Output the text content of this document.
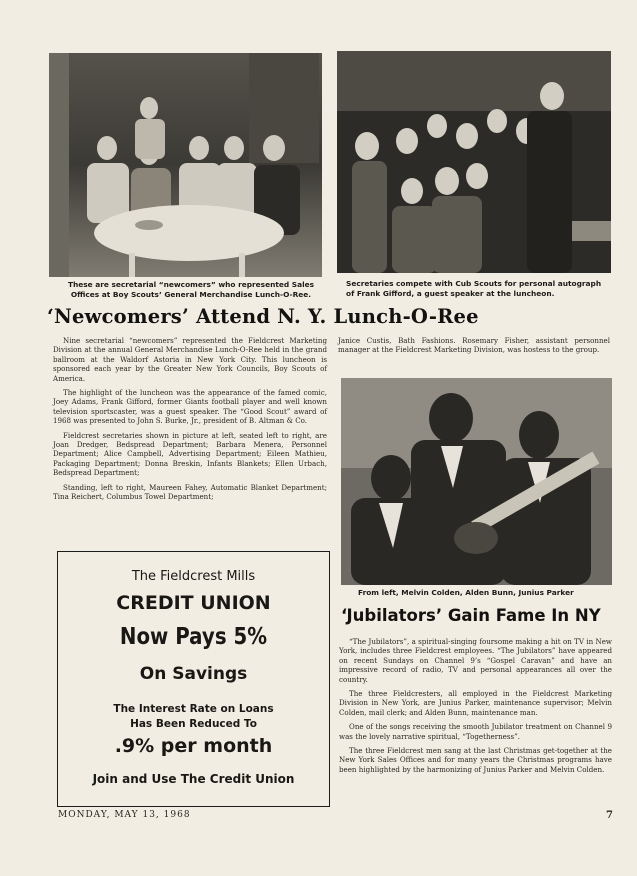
These are secretarial “newcomers” who represented Sales Offices at Boy Scouts’ General Merchandise Lunch-O-Ree.
Secretaries compete with Cub Scouts for personal autograph of Frank Gifford, a guest speaker at the luncheon.
‘Newcomers’ Attend N. Y. Lunch-O-Ree

Nine secretarial “newcomers” represented the Fieldcrest Marketing Division at the annual General Merchandise Lunch-O-Ree held in the grand ballroom at the Waldorf Astoria in New York City. This luncheon is sponsored each year by the Greater New York Councils, Boy Scouts of America.

The highlight of the luncheon was the appearance of the famed comic, Joey Adams, Frank Gifford, former Giants football player and well known television sportscaster, was a guest speaker. The “Good Scout” award of 1968 was presented to John S. Burke, Jr., president of B. Altman & Co.

Fieldcrest secretaries shown in picture at left, seated left to right, are Joan Dredger, Bedspread Department; Barbara Menera, Personnel Department; Alice Campbell, Advertising Department; Eileen Mathieu, Packaging Department; Donna Breskin, Infants Blankets; Ellen Urbach, Bedspread Department;

Standing, left to right, Maureen Fahey, Automatic Blanket Department; Tina Reichert, Columbus Towel Department;

Janice Custis, Bath Fashions. Rosemary Fisher, assistant personnel manager at the Fieldcrest Marketing Division, was hostess to the group.

The Fieldcrest Mills
CREDIT UNION
Now Pays 5%
On Savings
The Interest Rate on Loans
Has Been Reduced To
.9% per month
Join and Use The Credit Union
From left, Melvin Colden, Alden Bunn, Junius Parker
‘Jubilators’ Gain Fame In NY

“The Jubilators”, a spiritual-singing foursome making a hit on TV in New York, includes three Fieldcrest employees. “The Jubilators” have appeared on recent Sundays on Channel 9’s “Gospel Caravan” and have an impressive record of radio, TV and personal appearances all over the country.

The three Fieldcresters, all employed in the Fieldcrest Marketing Division in New York, are Junius Parker, maintenance supervisor; Melvin Colden, mail clerk; and Alden Bunn, maintenance man.

One of the songs receiving the smooth Jubilator treatment on Channel 9 was the lovely narrative spiritual, “Togetherness”.

The three Fieldcrest men sang at the last Christmas get-together at the New York Sales Offices and for many years the Christmas programs have been highlighted by the harmonizing of Junius Parker and Melvin Colden.

MONDAY, MAY 13, 1968	7
